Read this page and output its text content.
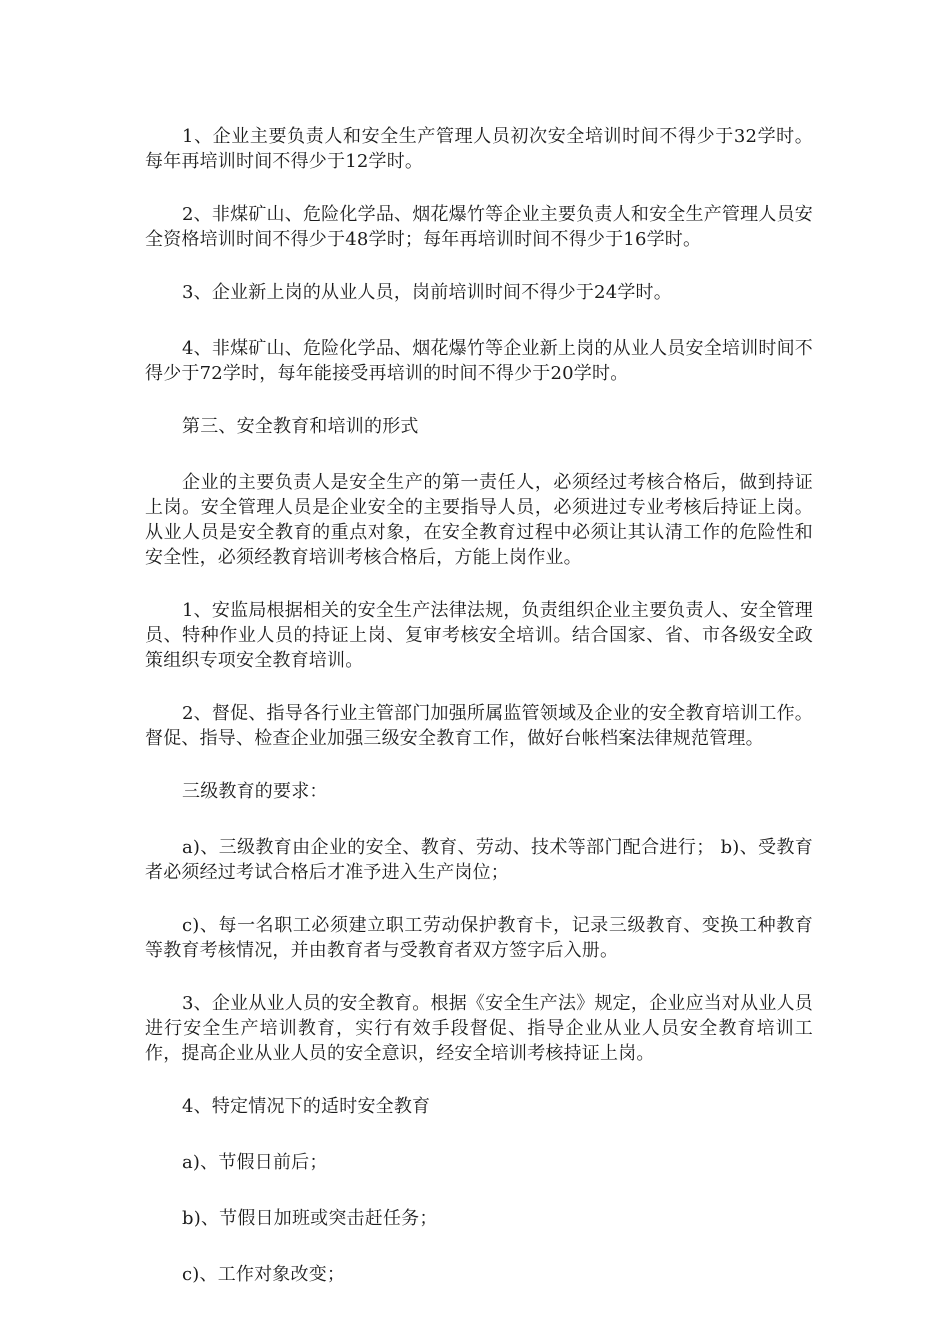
1、企业主要负责人和安全生产管理人员初次安全培训时间不得少于32学时。每年再培训时间不得少于12学时。

2、非煤矿山、危险化学品、烟花爆竹等企业主要负责人和安全生产管理人员安全资格培训时间不得少于48学时；每年再培训时间不得少于16学时。

3、企业新上岗的从业人员，岗前培训时间不得少于24学时。

4、非煤矿山、危险化学品、烟花爆竹等企业新上岗的从业人员安全培训时间不得少于72学时，每年能接受再培训的时间不得少于20学时。

第三、安全教育和培训的形式

企业的主要负责人是安全生产的第一责任人，必须经过考核合格后，做到持证上岗。安全管理人员是企业安全的主要指导人员，必须进过专业考核后持证上岗。从业人员是安全教育的重点对象，在安全教育过程中必须让其认清工作的危险性和安全性，必须经教育培训考核合格后，方能上岗作业。

1、安监局根据相关的安全生产法律法规，负责组织企业主要负责人、安全管理员、特种作业人员的持证上岗、复审考核安全培训。结合国家、省、市各级安全政策组织专项安全教育培训。

2、督促、指导各行业主管部门加强所属监管领域及企业的安全教育培训工作。督促、指导、检查企业加强三级安全教育工作，做好台帐档案法律规范管理。

三级教育的要求：

a)、三级教育由企业的安全、教育、劳动、技术等部门配合进行； b)、受教育者必须经过考试合格后才准予进入生产岗位；

c)、每一名职工必须建立职工劳动保护教育卡，记录三级教育、变换工种教育等教育考核情况，并由教育者与受教育者双方签字后入册。

3、企业从业人员的安全教育。根据《安全生产法》规定，企业应当对从业人员进行安全生产培训教育，实行有效手段督促、指导企业从业人员安全教育培训工作，提高企业从业人员的安全意识，经安全培训考核持证上岗。

4、特定情况下的适时安全教育

a)、节假日前后；

b)、节假日加班或突击赶任务；

c)、工作对象改变；
